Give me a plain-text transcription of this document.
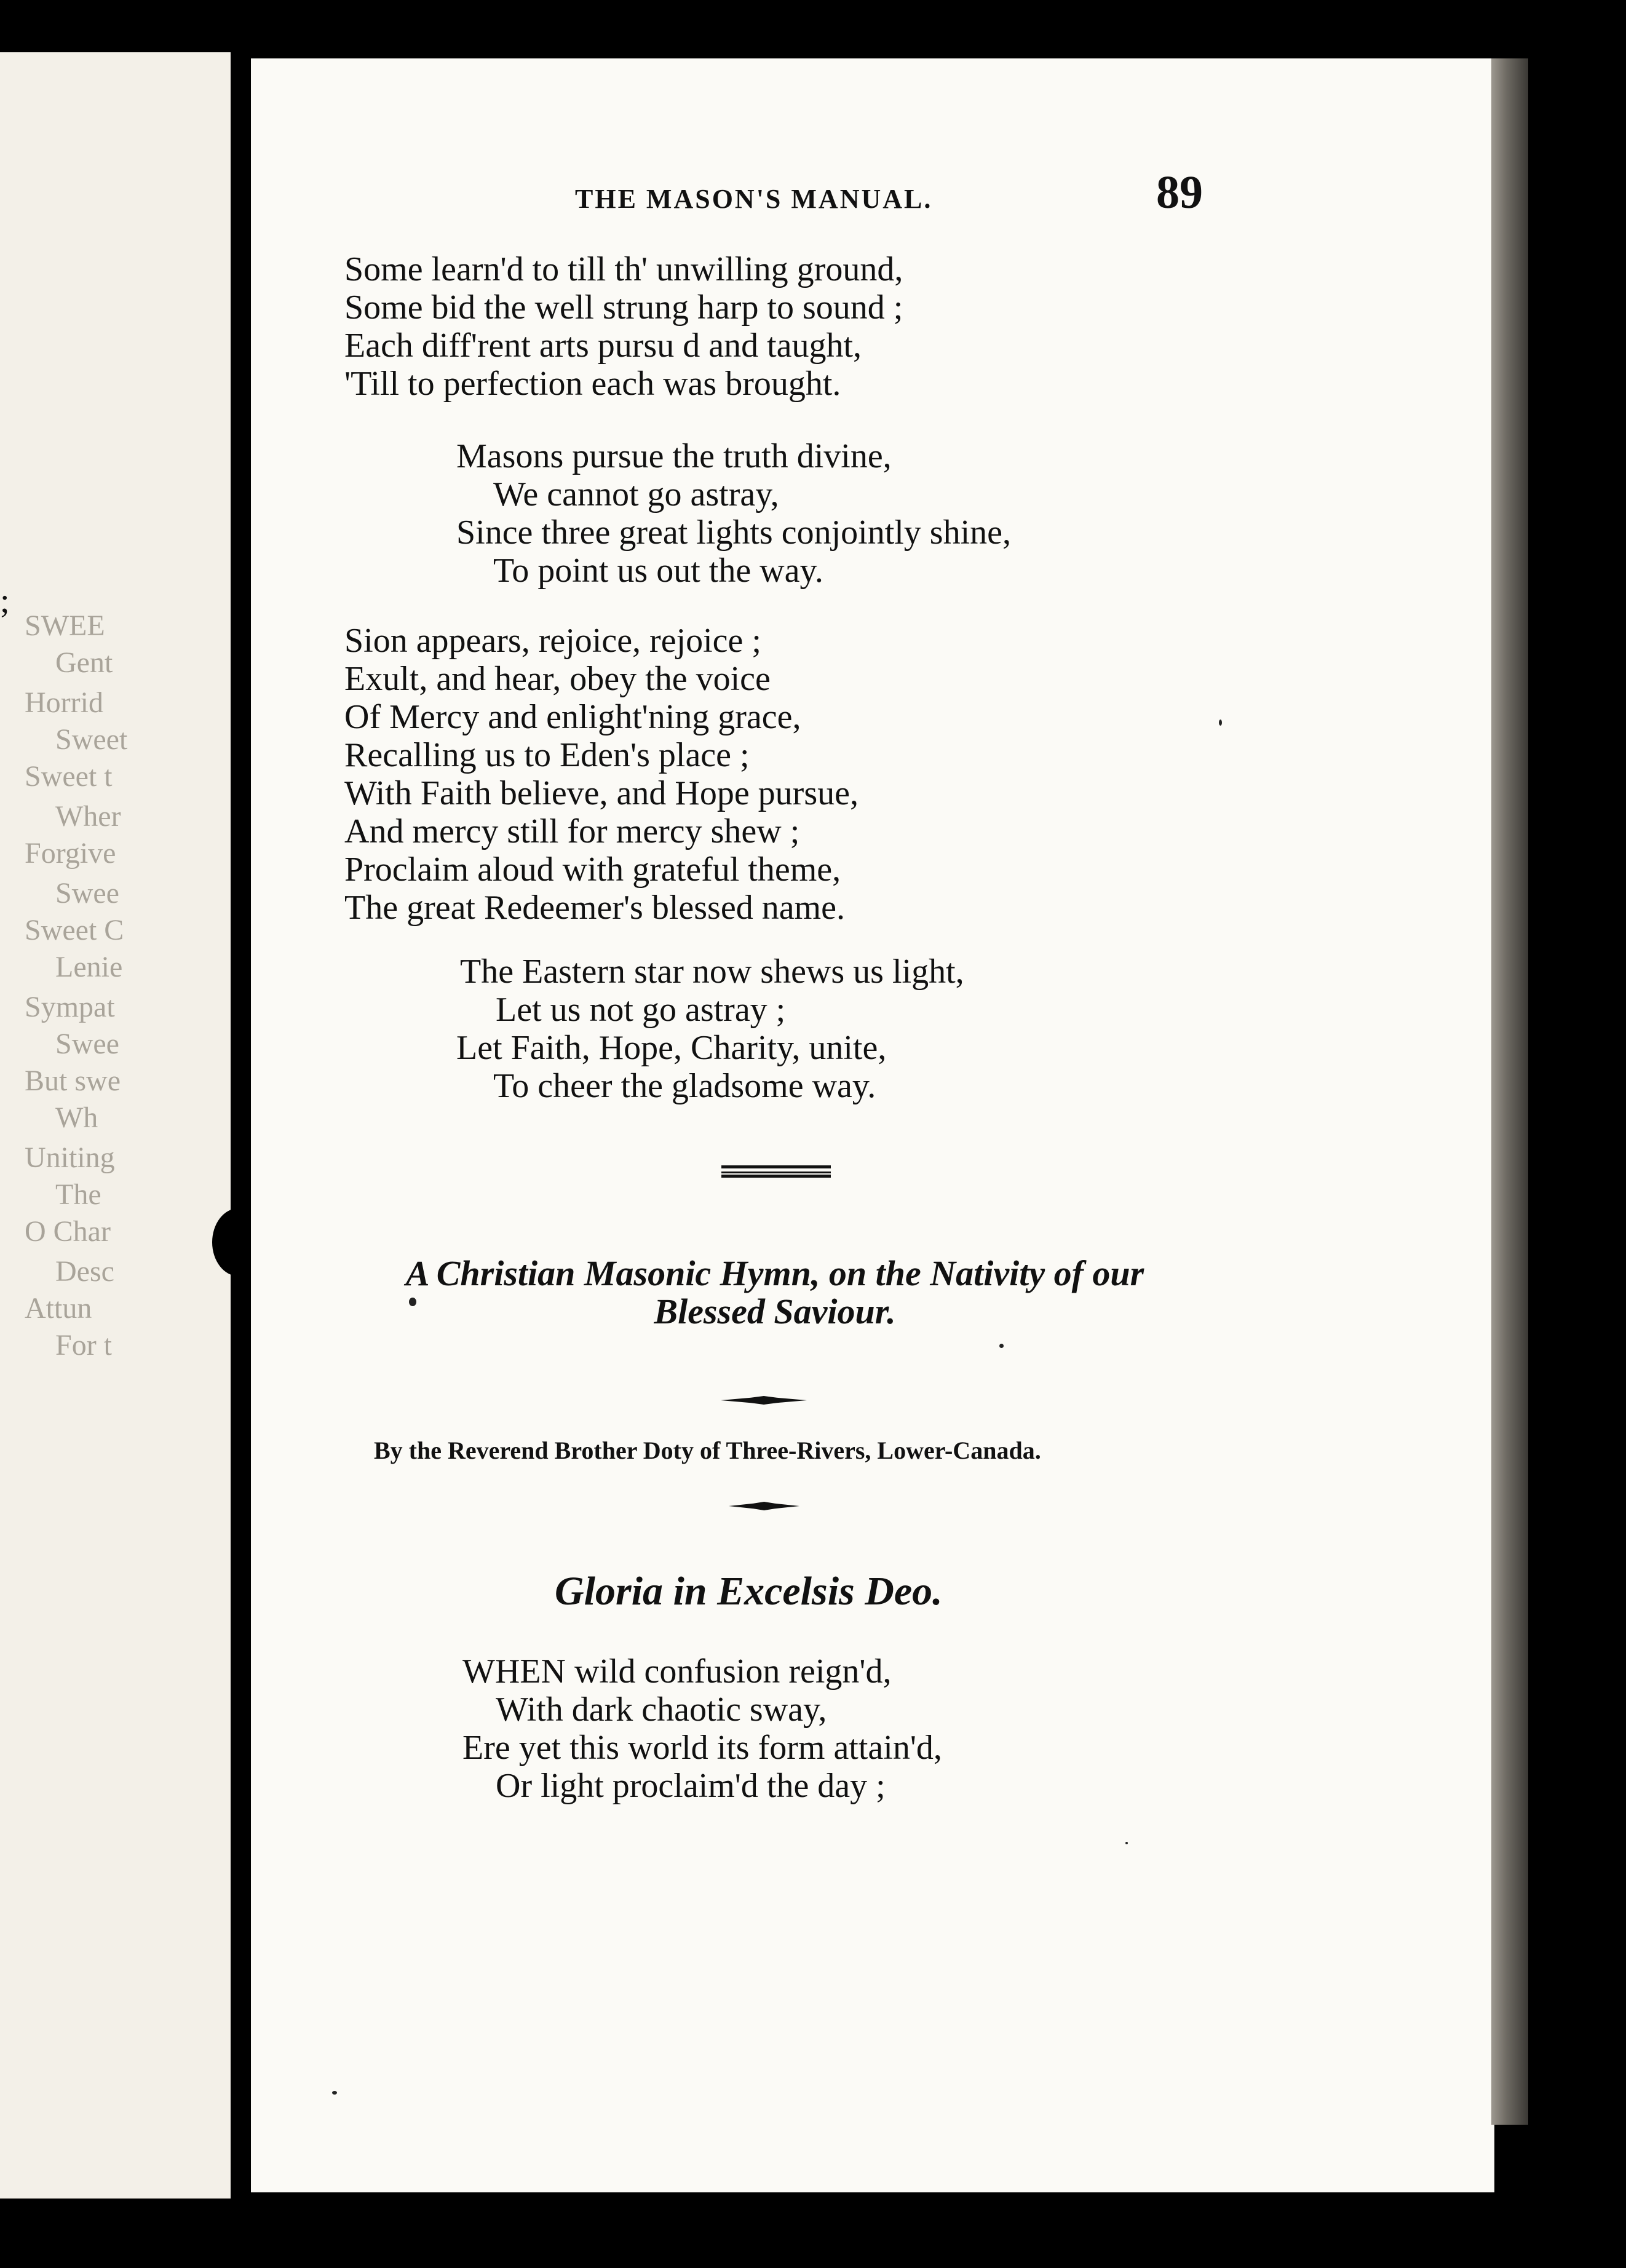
;
SWEE
Gent
Horrid
Sweet
Sweet t
Wher
Forgive
Swee
Sweet C
Lenie
Sympat
Swee
But swe
Wh
Uniting
The
O Char
Desc
Attun
For t
THE MASON'S MANUAL.	89
Some learn'd to till th' unwilling ground,
Some bid the well strung harp to sound ;
Each diff'rent arts pursu d and taught,
'Till to perfection each was brought.
Masons pursue the truth divine,
We cannot go astray,
Since three great lights conjointly shine,
To point us out the way.
Sion appears, rejoice, rejoice ;
Exult, and hear, obey the voice
Of Mercy and enlight'ning grace,
Recalling us to Eden's place ;
With Faith believe, and Hope pursue,
And mercy still for mercy shew ;
Proclaim aloud with grateful theme,
The great Redeemer's blessed name.
The Eastern star now shews us light,
Let us not go astray ;
Let Faith, Hope, Charity, unite,
To cheer the gladsome way.
A Christian Masonic Hymn, on the Nativity of our
Blessed Saviour.
By the Reverend Brother Doty of Three-Rivers, Lower-Canada.
Gloria in Excelsis Deo.
WHEN wild confusion reign'd,
With dark chaotic sway,
Ere yet this world its form attain'd,
Or light proclaim'd the day ;
